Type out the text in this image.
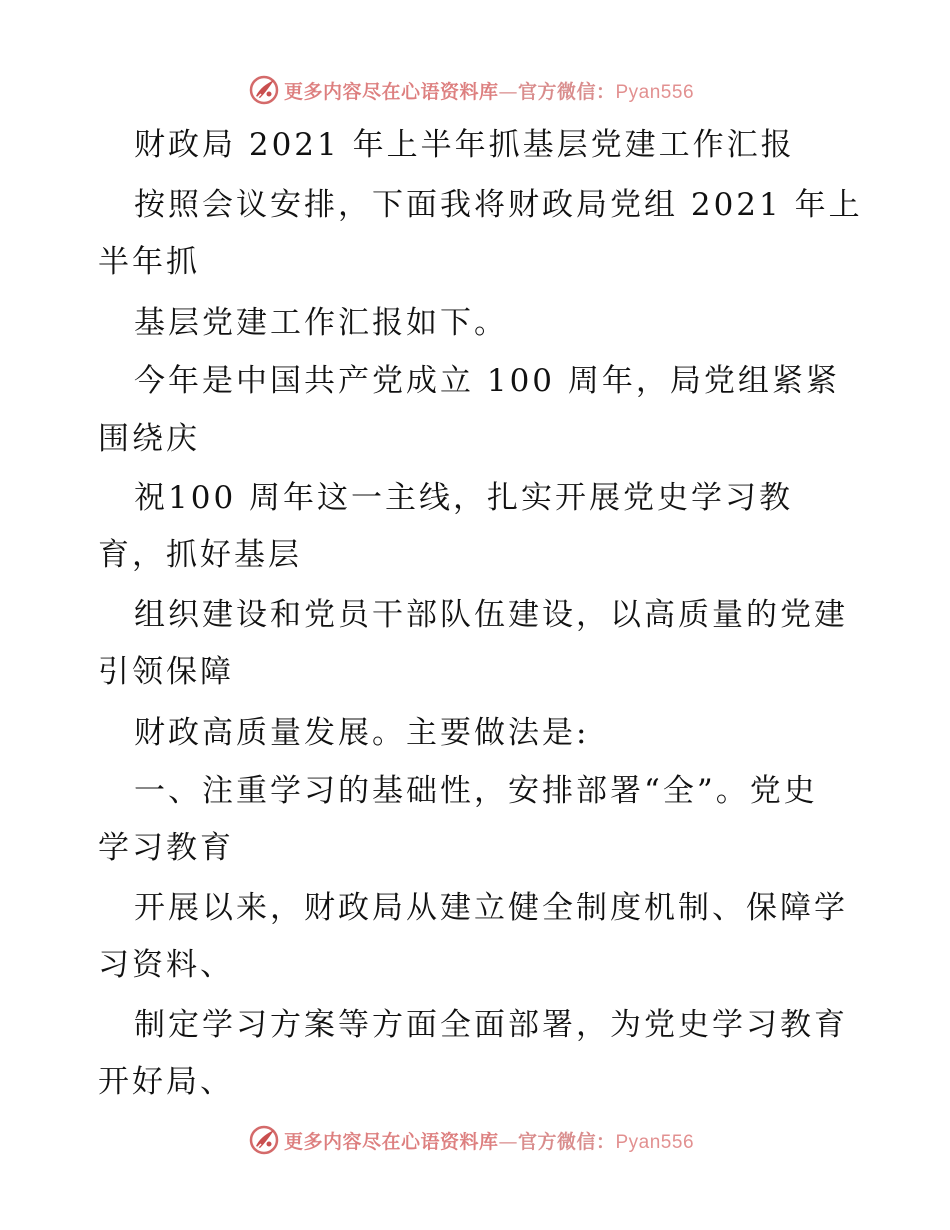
更多内容尽在心语资料库—官方微信：Pyan556
财政局 2021 年上半年抓基层党建工作汇报
按照会议安排，下面我将财政局党组 2021 年上
半年抓
基层党建工作汇报如下。
今年是中国共产党成立 100 周年，局党组紧紧
围绕庆
祝100 周年这一主线，扎实开展党史学习教
育，抓好基层
组织建设和党员干部队伍建设，以高质量的党建
引领保障
财政高质量发展。主要做法是:
一、注重学习的基础性，安排部署“全”。党史
学习教育
开展以来，财政局从建立健全制度机制、保障学
习资料、
制定学习方案等方面全面部署，为党史学习教育
开好局、
更多内容尽在心语资料库—官方微信：Pyan556
